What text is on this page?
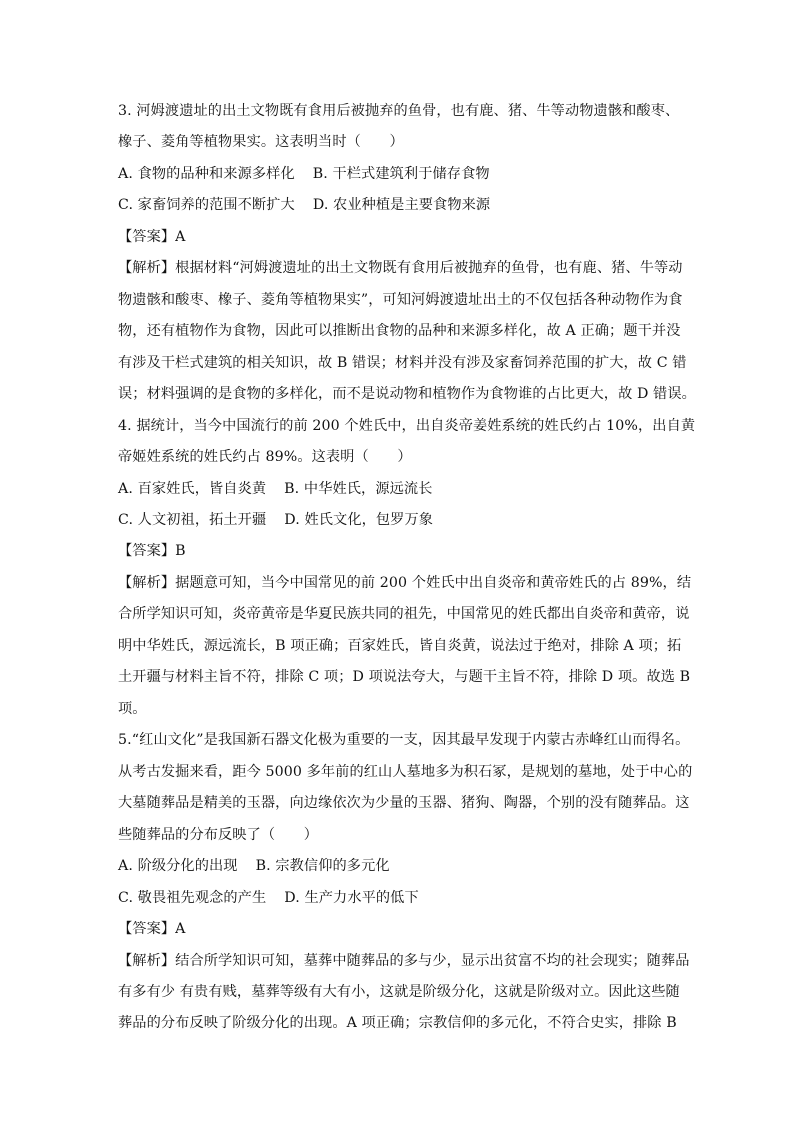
3. 河姆渡遗址的出土文物既有食用后被抛弃的鱼骨，也有鹿、猪、牛等动物遗骸和酸枣、
橡子、菱角等植物果实。这表明当时（　　）
A. 食物的品种和来源多样化 B. 干栏式建筑利于储存食物
C. 家畜饲养的范围不断扩大 D. 农业种植是主要食物来源
【答案】A
【解析】根据材料“河姆渡遗址的出土文物既有食用后被抛弃的鱼骨，也有鹿、猪、牛等动
物遗骸和酸枣、橡子、菱角等植物果实”，可知河姆渡遗址出土的不仅包括各种动物作为食
物，还有植物作为食物，因此可以推断出食物的品种和来源多样化，故 A 正确；题干并没
有涉及干栏式建筑的相关知识，故 B 错误；材料并没有涉及家畜饲养范围的扩大，故 C 错
误；材料强调的是食物的多样化，而不是说动物和植物作为食物谁的占比更大，故 D 错误。
4. 据统计，当今中国流行的前 200 个姓氏中，出自炎帝姜姓系统的姓氏约占 10%，出自黄
帝姬姓系统的姓氏约占 89%。这表明（　　）
A. 百家姓氏，皆自炎黄 B. 中华姓氏，源远流长
C. 人文初祖，拓土开疆 D. 姓氏文化，包罗万象
【答案】B
【解析】据题意可知，当今中国常见的前 200 个姓氏中出自炎帝和黄帝姓氏的占 89%，结
合所学知识可知，炎帝黄帝是华夏民族共同的祖先，中国常见的姓氏都出自炎帝和黄帝，说
明中华姓氏，源远流长，B 项正确；百家姓氏，皆自炎黄，说法过于绝对，排除 A 项；拓
土开疆与材料主旨不符，排除 C 项；D 项说法夸大，与题干主旨不符，排除 D 项。故选 B
项。
5.“红山文化”是我国新石器文化极为重要的一支，因其最早发现于内蒙古赤峰红山而得名。
从考古发掘来看，距今 5000 多年前的红山人墓地多为积石冢，是规划的墓地，处于中心的
大墓随葬品是精美的玉器，向边缘依次为少量的玉器、猪狗、陶器，个别的没有随葬品。这
些随葬品的分布反映了（　　）
A. 阶级分化的出现 B. 宗教信仰的多元化
C. 敬畏祖先观念的产生 D. 生产力水平的低下
【答案】A
【解析】结合所学知识可知，墓葬中随葬品的多与少，显示出贫富不均的社会现实；随葬品
有多有少 有贵有贱，墓葬等级有大有小，这就是阶级分化，这就是阶级对立。因此这些随
葬品的分布反映了阶级分化的出现。A 项正确；宗教信仰的多元化，不符合史实，排除 B
